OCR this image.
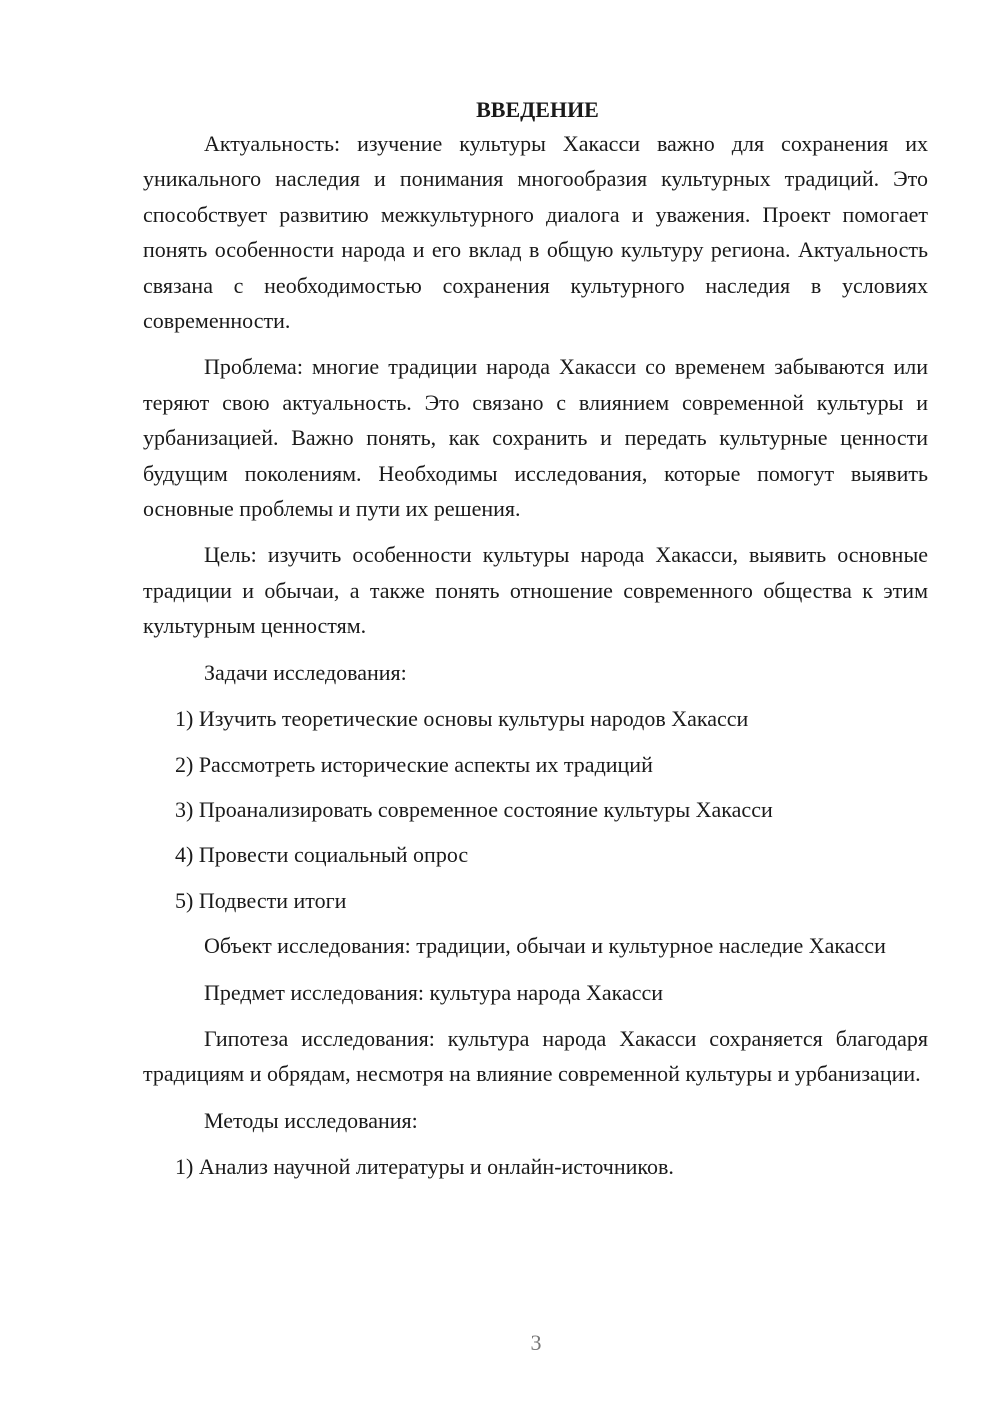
ВВЕДЕНИЕ

Актуальность: изучение культуры Хакасси важно для сохранения их уникального наследия и понимания многообразия культурных традиций. Это способствует развитию межкультурного диалога и уважения. Проект помогает понять особенности народа и его вклад в общую культуру региона. Актуальность связана с необходимостью сохранения культурного наследия в условиях современности.

Проблема: многие традиции народа Хакасси со временем забываются или теряют свою актуальность. Это связано с влиянием современной культуры и урбанизацией. Важно понять, как сохранить и передать культурные ценности будущим поколениям. Необходимы исследования, которые помогут выявить основные проблемы и пути их решения.

Цель: изучить особенности культуры народа Хакасси, выявить основные традиции и обычаи, а также понять отношение современного общества к этим культурным ценностям.

Задачи исследования:

1) Изучить теоретические основы культуры народов Хакасси
2) Рассмотреть исторические аспекты их традиций
3) Проанализировать современное состояние культуры Хакасси
4) Провести социальный опрос
5) Подвести итоги

Объект исследования: традиции, обычаи и культурное наследие Хакасси

Предмет исследования: культура народа Хакасси

Гипотеза исследования: культура народа Хакасси сохраняется благодаря традициям и обрядам, несмотря на влияние современной культуры и урбанизации.

Методы исследования:

1) Анализ научной литературы и онлайн-источников.
3
